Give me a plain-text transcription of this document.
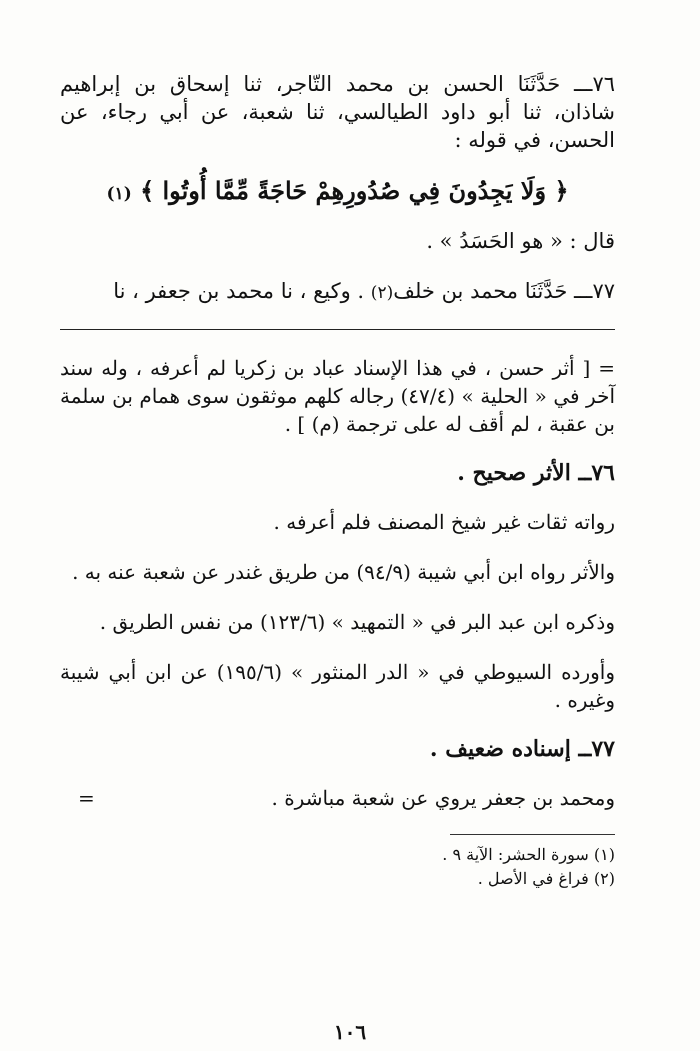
٧٦ـــ حَدَّثَنَا الحسن بن محمد التّاجر، ثنا إسحاق بن إبراهيم شاذان، ثنا أبو داود الطيالسي، ثنا شعبة، عن أبي رجاء، عن الحسن، في قوله :

﴿ وَلَا يَجِدُونَ فِي صُدُورِهِمْ حَاجَةً مِّمَّا أُوتُوا ﴾ (١)

قال : « هو الحَسَدُ » .

٧٧ـــ حَدَّثَنَا محمد بن خلف(٢) . وكيع ، نا محمد بن جعفر ، نا

= [ أثر حسن ، في هذا الإسناد عباد بن زكريا لم أعرفه ، وله سند آخر في « الحلية » (٤٧/٤) رجاله كلهم موثقون سوى همام بن سلمة بن عقبة ، لم أقف له على ترجمة (م) ] .

٧٦ــ الأثر صحيح .

رواته ثقات غير شيخ المصنف فلم أعرفه .

والأثر رواه ابن أبي شيبة (٩٤/٩) من طريق غندر عن شعبة عنه به .

وذكره ابن عبد البر في « التمهيد » (١٢٣/٦) من نفس الطريق .

وأورده السيوطي في « الدر المنثور » (١٩٥/٦) عن ابن أبي شيبة وغيره .

٧٧ــ إسناده ضعيف .

ومحمد بن جعفر يروي عن شعبة مباشرة .
=

(١) سورة الحشر: الآية ٩ .
(٢) فراغ في الأصل .
١٠٦
